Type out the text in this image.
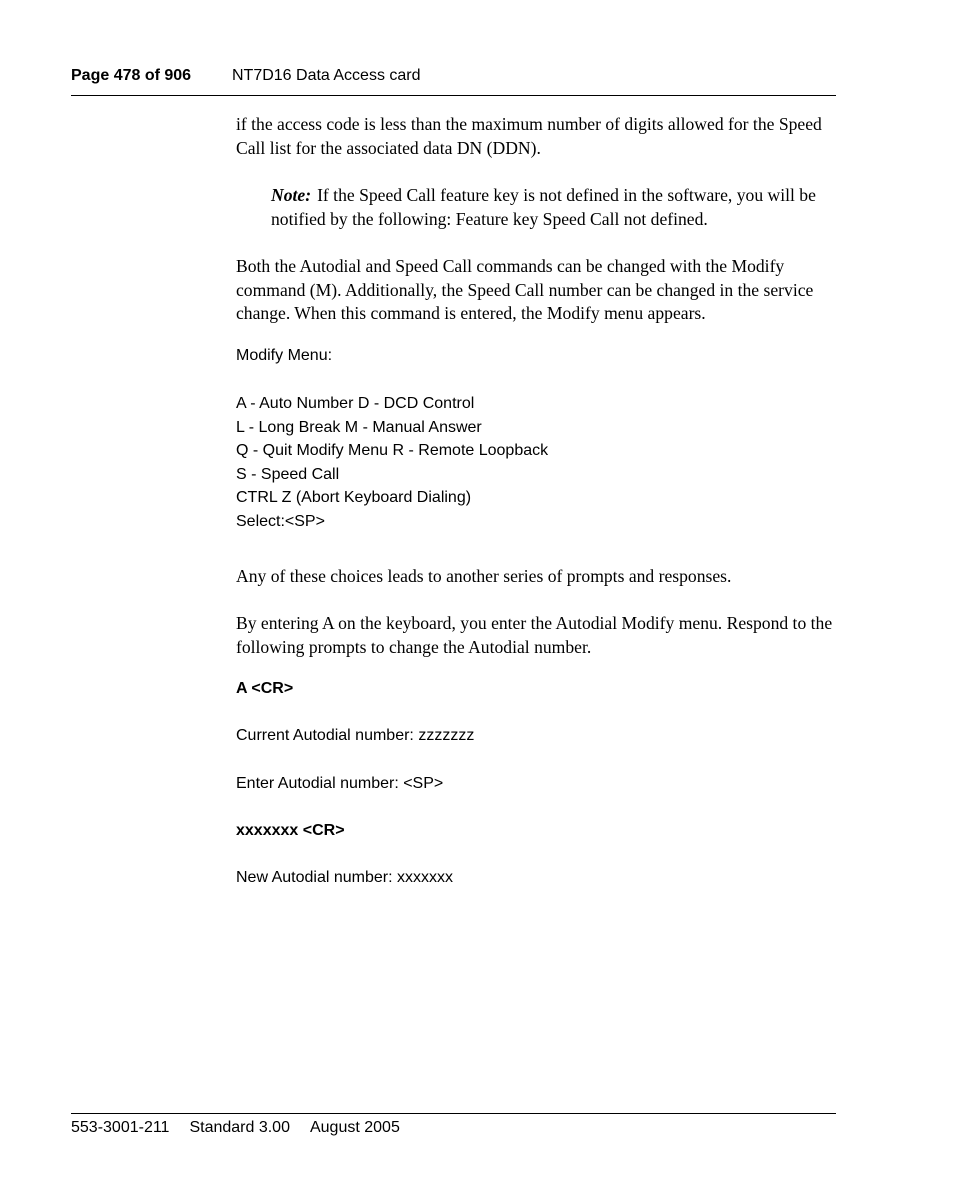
Page 478 of 906	NT7D16 Data Access card
if the access code is less than the maximum number of digits allowed for the Speed Call list for the associated data DN (DDN).
Note: If the Speed Call feature key is not defined in the software, you will be notified by the following: Feature key Speed Call not defined.
Both the Autodial and Speed Call commands can be changed with the Modify command (M). Additionally, the Speed Call number can be changed in the service change. When this command is entered, the Modify menu appears.
Modify Menu:
A - Auto Number D - DCD Control
L - Long Break M - Manual Answer
Q - Quit Modify Menu R - Remote Loopback
S - Speed Call
CTRL Z (Abort Keyboard Dialing)
Select:<SP>
Any of these choices leads to another series of prompts and responses.
By entering A on the keyboard, you enter the Autodial Modify menu. Respond to the following prompts to change the Autodial number.
A <CR>
Current Autodial number: zzzzzzz
Enter Autodial number: <SP>
xxxxxxx <CR>
New Autodial number: xxxxxxx
553-3001-211 Standard 3.00 August 2005
